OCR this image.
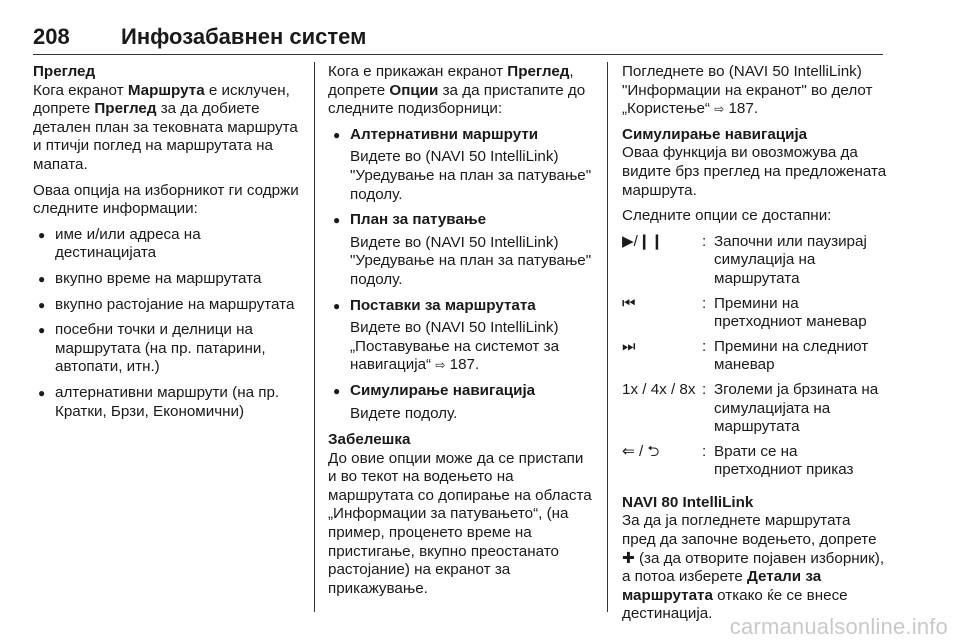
208 Инфозабавнен систем

Преглед

Кога екранот Маршрута е исклучен, допрете Преглед за да добиете детален план за тековната маршрута и птичји поглед на маршрутата на мапата.

Оваа опција на изборникот ги содржи следните информации:

● име и/или адреса на дестинацијата
● вкупно време на маршрутата
● вкупно растојание на маршрутата
● посебни точки и делници на маршрутата (на пр. патарини, автопати, итн.)
● алтернативни маршрути (на пр. Кратки, Брзи, Економични)

Кога е прикажан екранот Преглед, допрете Опции за да пристапите до следните подизборници:

● Алтернативни маршрути
Видете во (NAVI 50 IntelliLink) "Уредување на план за патување" подолу.
● План за патување
Видете во (NAVI 50 IntelliLink) "Уредување на план за патување" подолу.
● Поставки за маршрутата
Видете во (NAVI 50 IntelliLink) „Поставување на системот за навигација“ ⇨ 187.
● Симулирање навигација
Видете подолу.

Забелешка

До овие опции може да се пристапи и во текот на водењето на маршрутата со допирање на областа „Информации за патувањето“, (на пример, проценето време на пристигање, вкупно преостанато растојание) на екранот за прикажување.

Погледнете во (NAVI 50 IntelliLink) "Информации на екранот" во делот „Користење“ ⇨ 187.

Симулирање навигација

Оваа функција ви овозможува да видите брз преглед на предложената маршрута.

Следните опции се достапни:

▶/❙❙	: Започни или паузирај симулација на маршрутата
⏮	: Премини на претходниот маневар
⏭	: Премини на следниот маневар
1x / 4x / 8x : Зголеми ја брзината на симулацијата на маршрутата
⇐ / ⮌	: Врати се на претходниот приказ

NAVI 80 IntelliLink

За да ја погледнете маршрутата пред да започне водењето, допрете ✚ (за да отворите појавен изборник), а потоа изберете Детали за маршрутата откако ќе се внесе дестинација.

carmanualsonline.info
